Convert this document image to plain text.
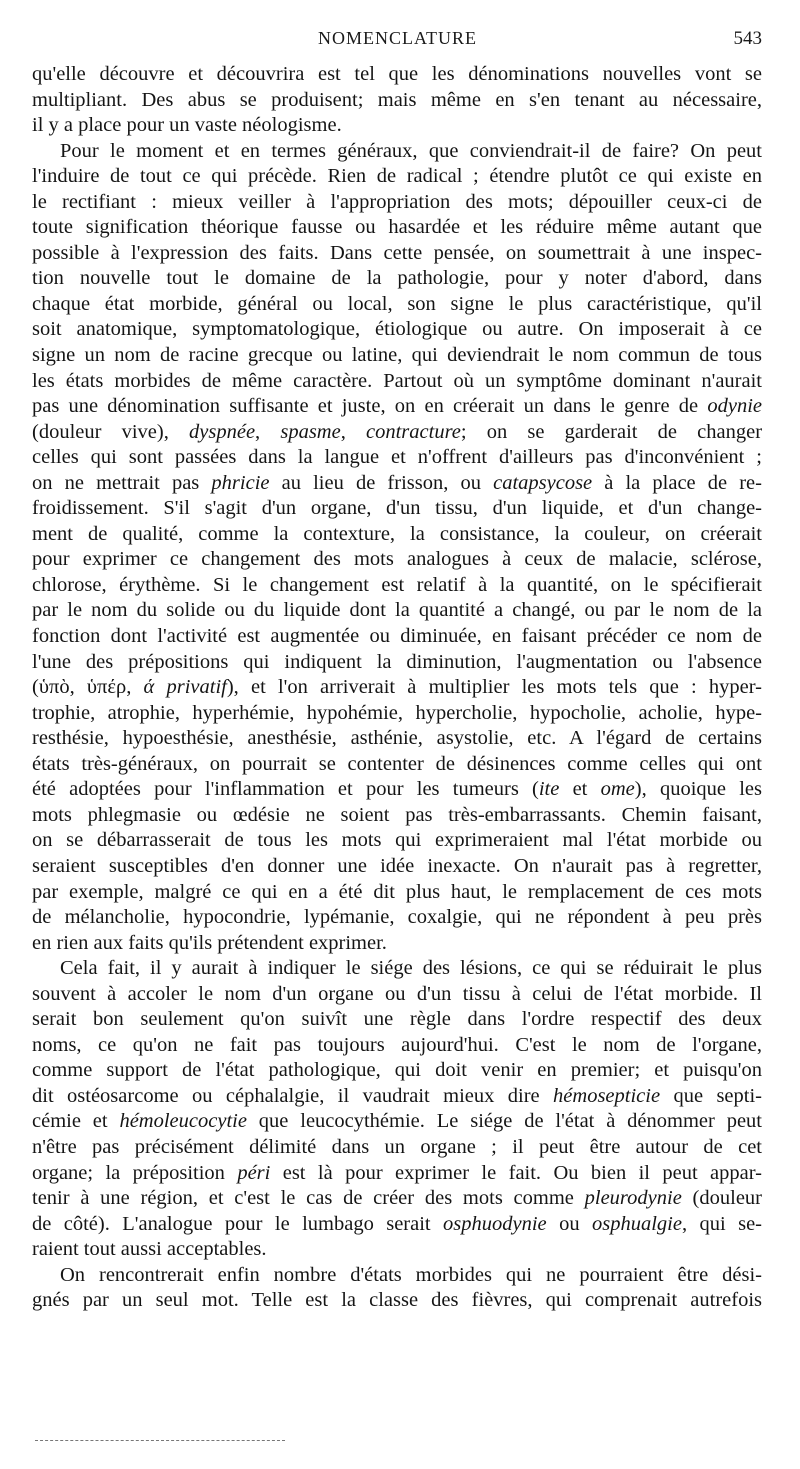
NOMENCLATURE	543
qu'elle découvre et découvrira est tel que les dénominations nouvelles vont se
multipliant. Des abus se produisent; mais même en s'en tenant au nécessaire,
il y a place pour un vaste néologisme.
Pour le moment et en termes généraux, que conviendrait-il de faire? On peut
l'induire de tout ce qui précède. Rien de radical ; étendre plutôt ce qui existe en
le rectifiant : mieux veiller à l'appropriation des mots; dépouiller ceux-ci de
toute signification théorique fausse ou hasardée et les réduire même autant que
possible à l'expression des faits. Dans cette pensée, on soumettrait à une inspec-
tion nouvelle tout le domaine de la pathologie, pour y noter d'abord, dans
chaque état morbide, général ou local, son signe le plus caractéristique, qu'il
soit anatomique, symptomatologique, étiologique ou autre. On imposerait à ce
signe un nom de racine grecque ou latine, qui deviendrait le nom commun de tous
les états morbides de même caractère. Partout où un symptôme dominant n'aurait
pas une dénomination suffisante et juste, on en créerait un dans le genre de odynie
(douleur vive), dyspnée, spasme, contracture; on se garderait de changer
celles qui sont passées dans la langue et n'offrent d'ailleurs pas d'inconvénient ;
on ne mettrait pas phricie au lieu de frisson, ou catapsycose à la place de re-
froidissement. S'il s'agit d'un organe, d'un tissu, d'un liquide, et d'un change-
ment de qualité, comme la contexture, la consistance, la couleur, on créerait
pour exprimer ce changement des mots analogues à ceux de malacie, sclérose,
chlorose, érythème. Si le changement est relatif à la quantité, on le spécifierait
par le nom du solide ou du liquide dont la quantité a changé, ou par le nom de la
fonction dont l'activité est augmentée ou diminuée, en faisant précéder ce nom de
l'une des prépositions qui indiquent la diminution, l'augmentation ou l'absence
(ὑπὸ, ὑπέρ, ά privatif), et l'on arriverait à multiplier les mots tels que : hyper-
trophie, atrophie, hyperhémie, hypohémie, hypercholie, hypocholie, acholie, hype-
resthésie, hypoesthésie, anesthésie, asthénie, asystolie, etc. A l'égard de certains
états très-généraux, on pourrait se contenter de désinences comme celles qui ont
été adoptées pour l'inflammation et pour les tumeurs (ite et ome), quoique les
mots phlegmasie ou œdésie ne soient pas très-embarrassants. Chemin faisant,
on se débarrasserait de tous les mots qui exprimeraient mal l'état morbide ou
seraient susceptibles d'en donner une idée inexacte. On n'aurait pas à regretter,
par exemple, malgré ce qui en a été dit plus haut, le remplacement de ces mots
de mélancholie, hypocondrie, lypémanie, coxalgie, qui ne répondent à peu près
en rien aux faits qu'ils prétendent exprimer.
Cela fait, il y aurait à indiquer le siége des lésions, ce qui se réduirait le plus
souvent à accoler le nom d'un organe ou d'un tissu à celui de l'état morbide. Il
serait bon seulement qu'on suivît une règle dans l'ordre respectif des deux
noms, ce qu'on ne fait pas toujours aujourd'hui. C'est le nom de l'organe,
comme support de l'état pathologique, qui doit venir en premier; et puisqu'on
dit ostéosarcome ou céphalalgie, il vaudrait mieux dire hémosepticie que septi-
cémie et hémoleucocytie que leucocythémie. Le siége de l'état à dénommer peut
n'être pas précisément délimité dans un organe ; il peut être autour de cet
organe; la préposition péri est là pour exprimer le fait. Ou bien il peut appar-
tenir à une région, et c'est le cas de créer des mots comme pleurodynie (douleur
de côté). L'analogue pour le lumbago serait osphuodynie ou osphualgie, qui se-
raient tout aussi acceptables.
On rencontrerait enfin nombre d'états morbides qui ne pourraient être dési-
gnés par un seul mot. Telle est la classe des fièvres, qui comprenait autrefois
